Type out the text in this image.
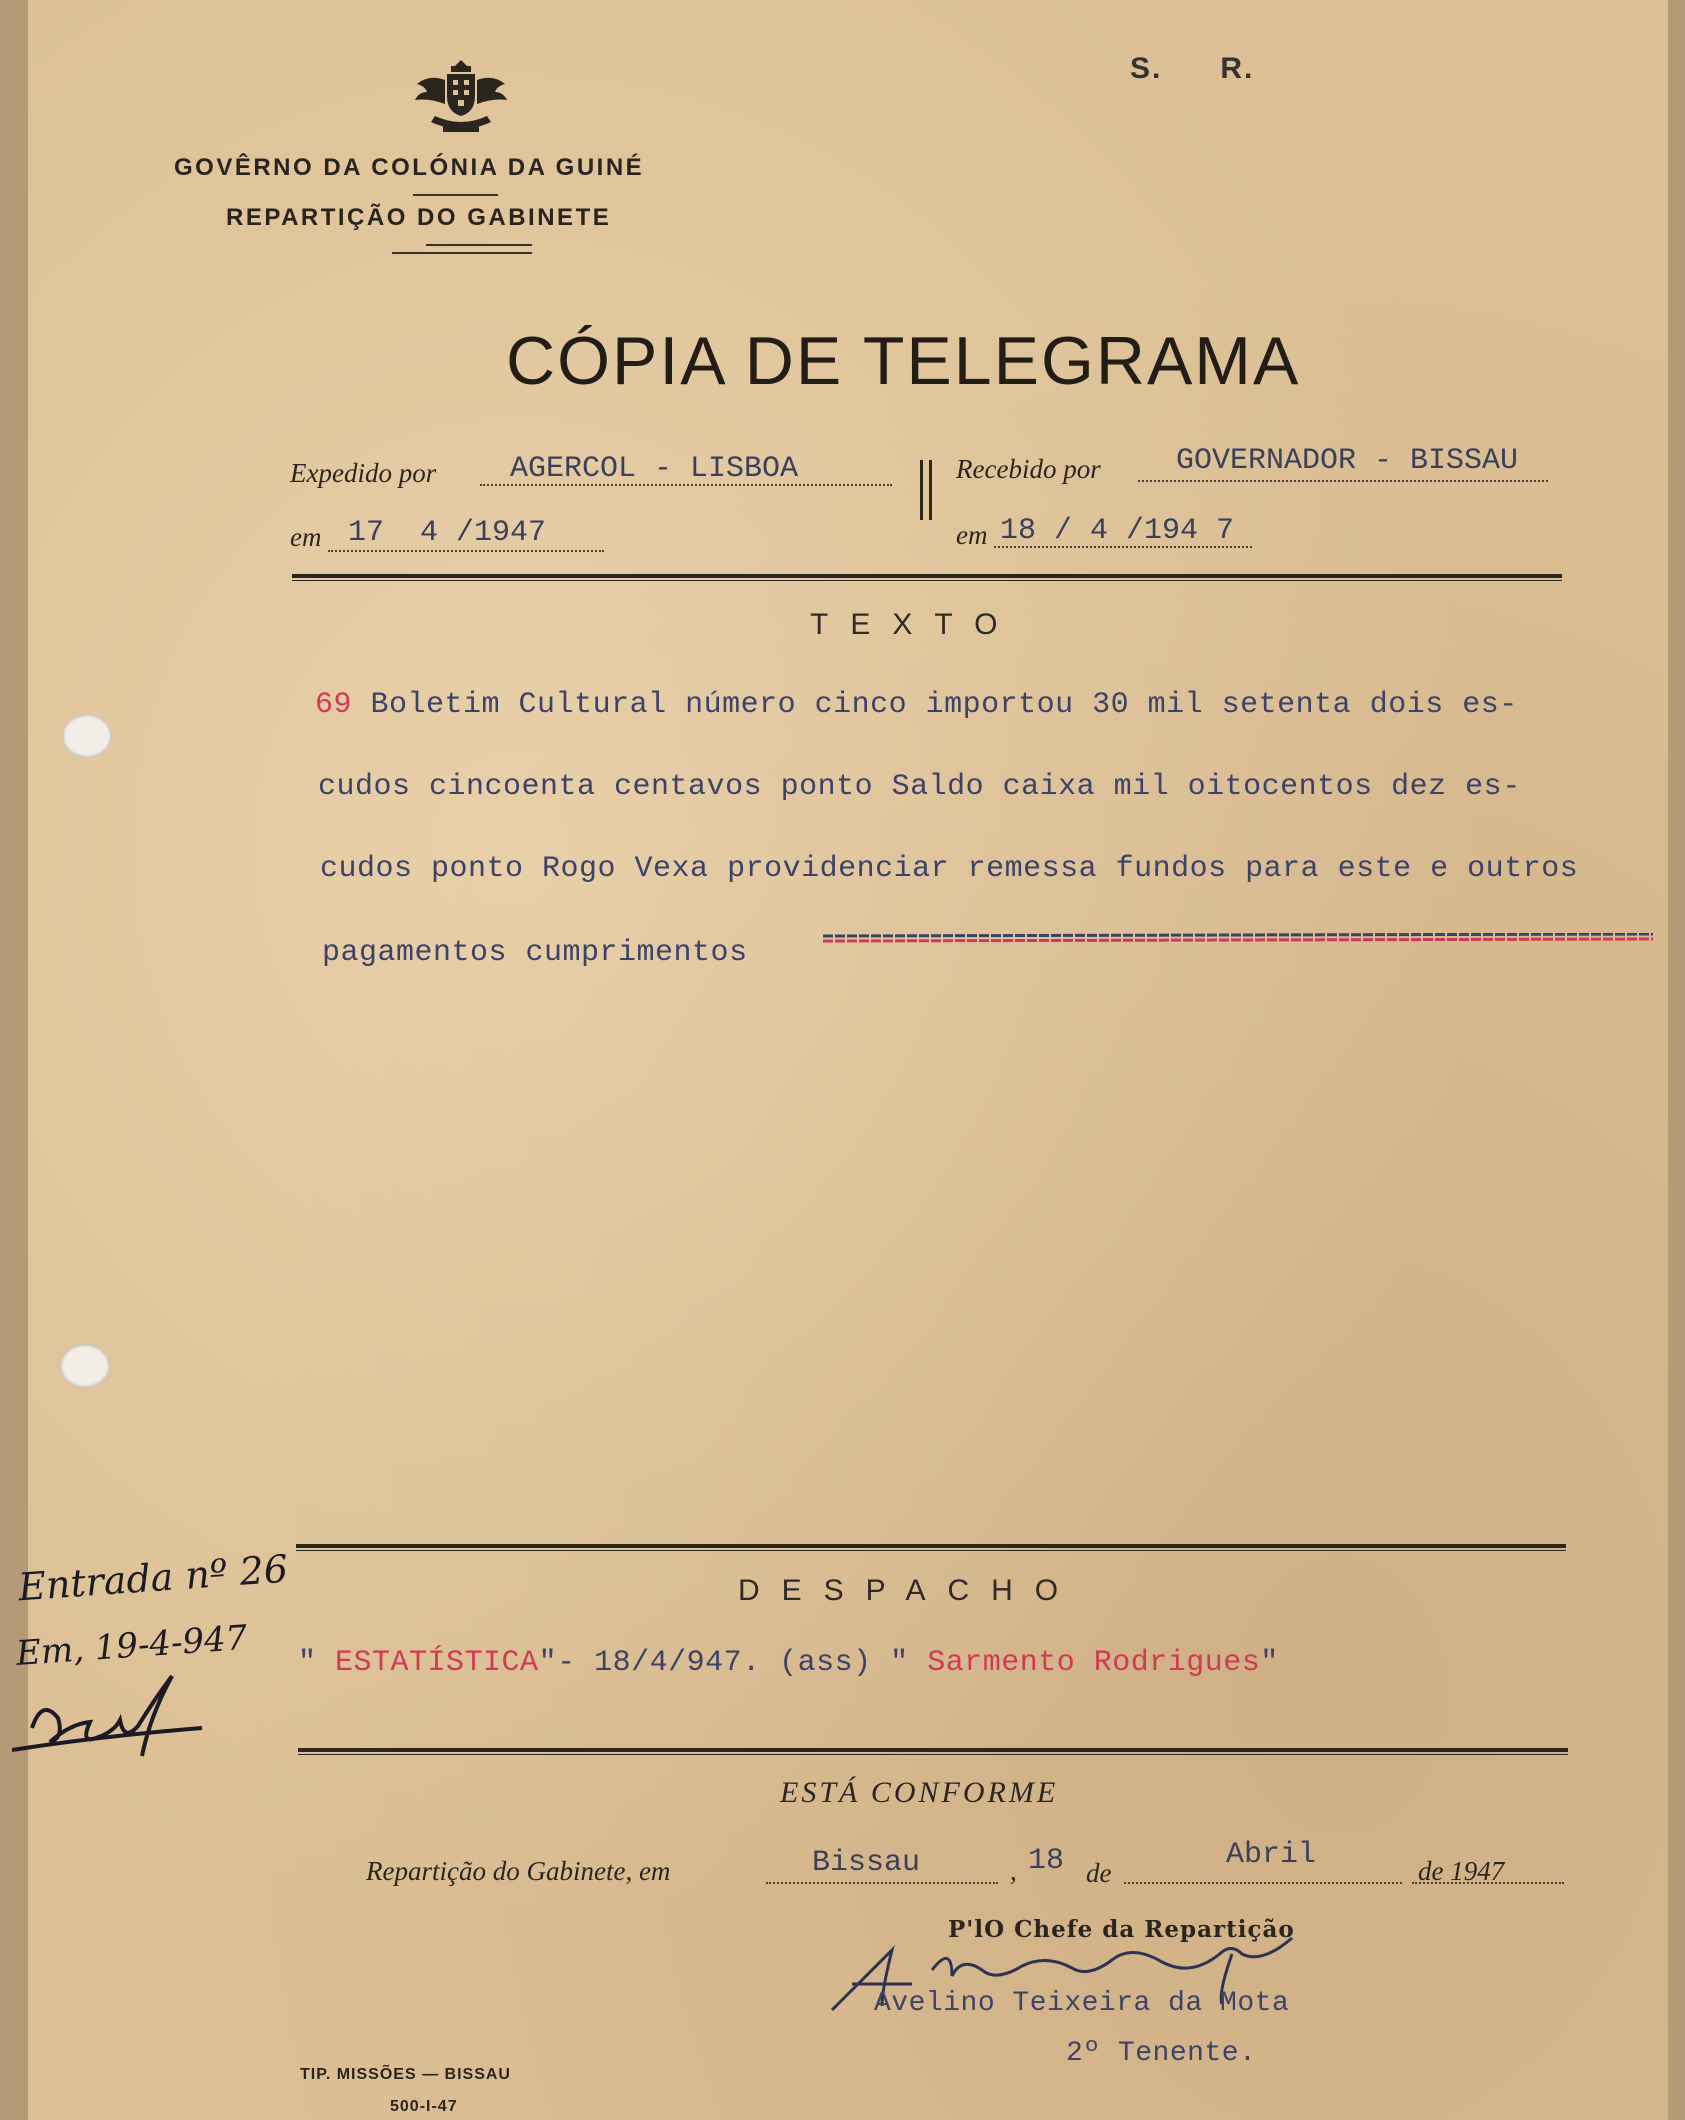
S. R.
GOVÊRNO DA COLÓNIA DA GUINÉ
REPARTIÇÃO DO GABINETE
CÓPIA DE TELEGRAMA
Expedido por AGERCOL - LISBOA
em 17  4 /1947
Recebido por	GOVERNADOR - BISSAU
em 18 / 4 /194 7
TEXTO
69 Boletim Cultural número cinco importou 30 mil setenta dois es-
cudos cincoenta centavos ponto Saldo caixa mil oitocentos dez es-
cudos ponto Rogo Vexa providenciar remessa fundos para este e outros
pagamentos cumprimentos
DESPACHO
" ESTATÍSTICA"- 18/4/947. (ass) " Sarmento Rodrigues"
Entrada nº 26
Em, 19-4-947
ESTÁ CONFORME
Repartição do Gabinete, em	Bissau	, 18 de
Abril	de 1947
P'lO Chefe da Repartição
Avelino Teixeira da Mota
2º Tenente.
TIP. MISSÕES — BISSAU
500-I-47
